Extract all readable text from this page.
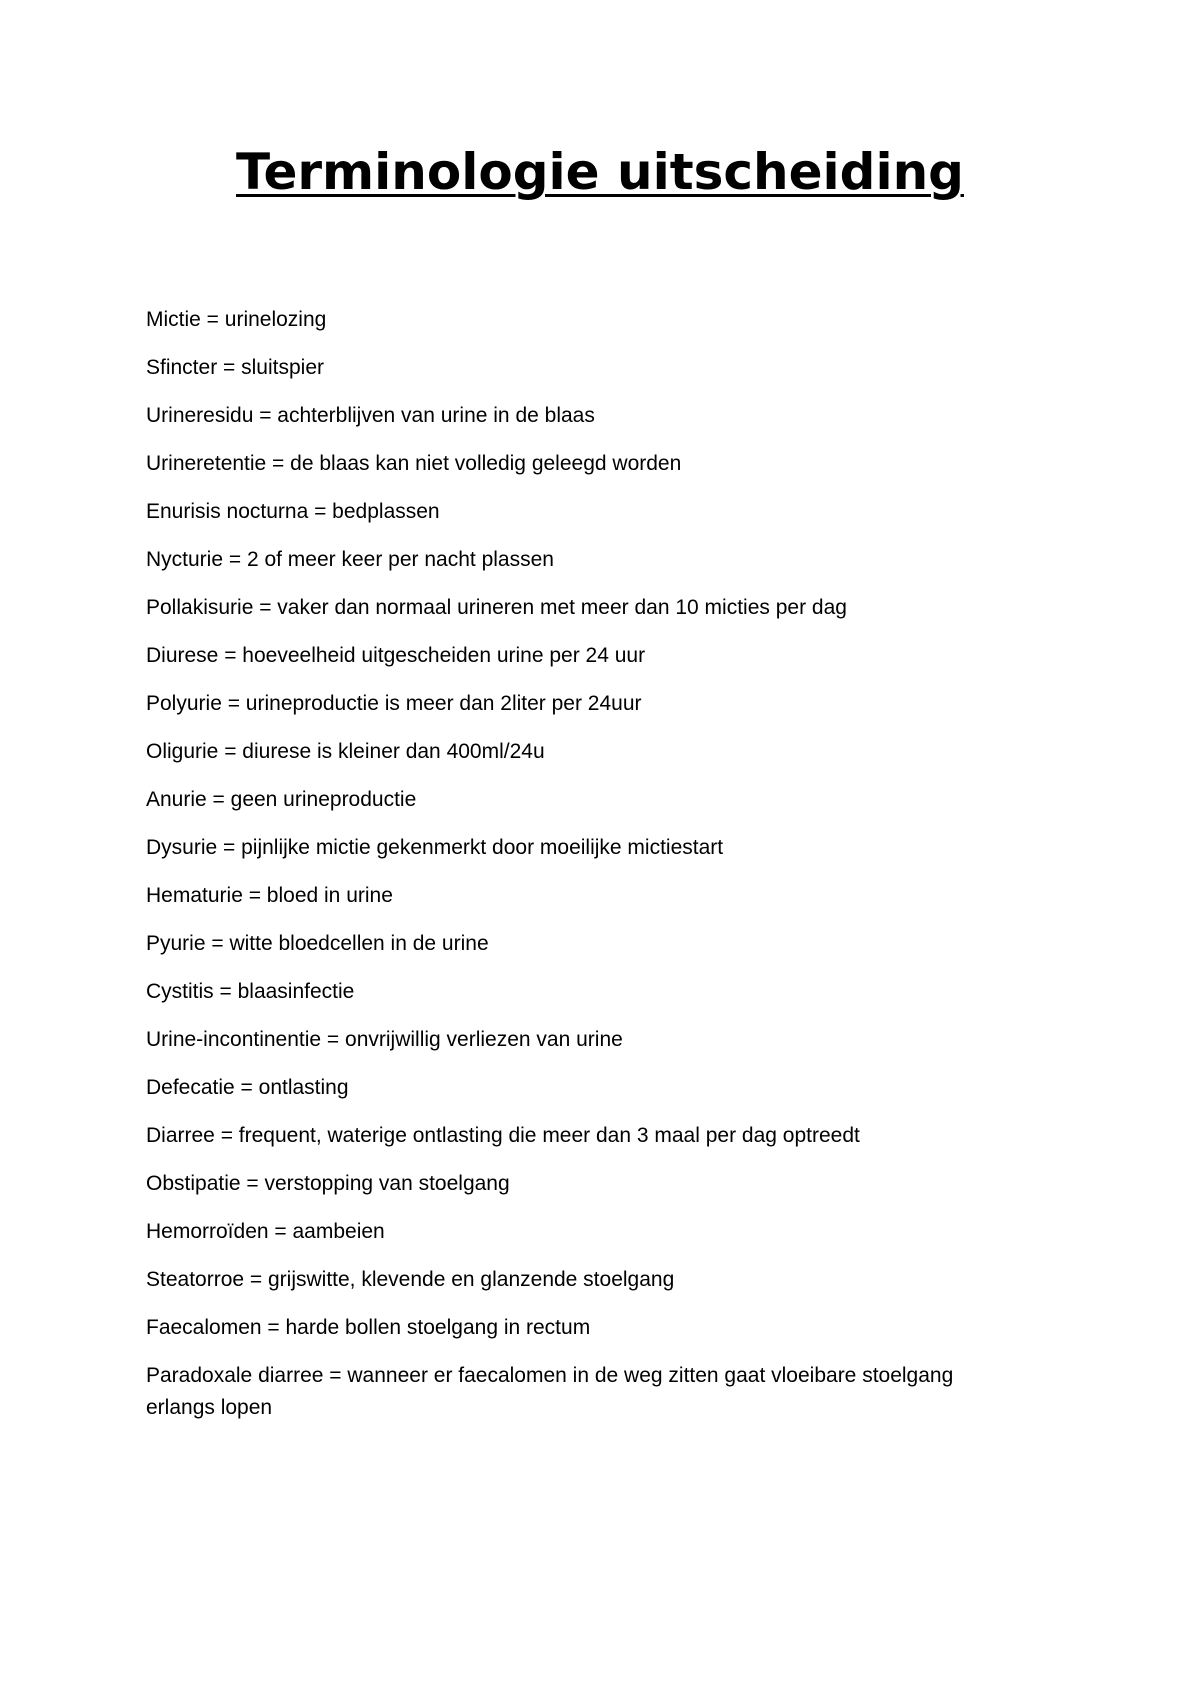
Terminologie uitscheiding
Mictie = urinelozing
Sfincter = sluitspier
Urineresidu = achterblijven van urine in de blaas
Urineretentie = de blaas kan niet volledig geleegd worden
Enurisis nocturna = bedplassen
Nycturie = 2 of meer keer per nacht plassen
Pollakisurie = vaker dan normaal urineren met meer dan 10 micties per dag
Diurese = hoeveelheid uitgescheiden urine per 24 uur
Polyurie = urineproductie is meer dan 2liter per 24uur
Oligurie = diurese is kleiner dan 400ml/24u
Anurie = geen urineproductie
Dysurie = pijnlijke mictie gekenmerkt door moeilijke mictiestart
Hematurie = bloed in urine
Pyurie = witte bloedcellen in de urine
Cystitis = blaasinfectie
Urine-incontinentie = onvrijwillig verliezen van urine
Defecatie = ontlasting
Diarree = frequent, waterige ontlasting die meer dan 3 maal per dag optreedt
Obstipatie = verstopping van stoelgang
Hemorroïden = aambeien
Steatorroe = grijswitte, klevende en glanzende stoelgang
Faecalomen = harde bollen stoelgang in rectum
Paradoxale diarree = wanneer er faecalomen in de weg zitten gaat vloeibare stoelgang erlangs lopen
